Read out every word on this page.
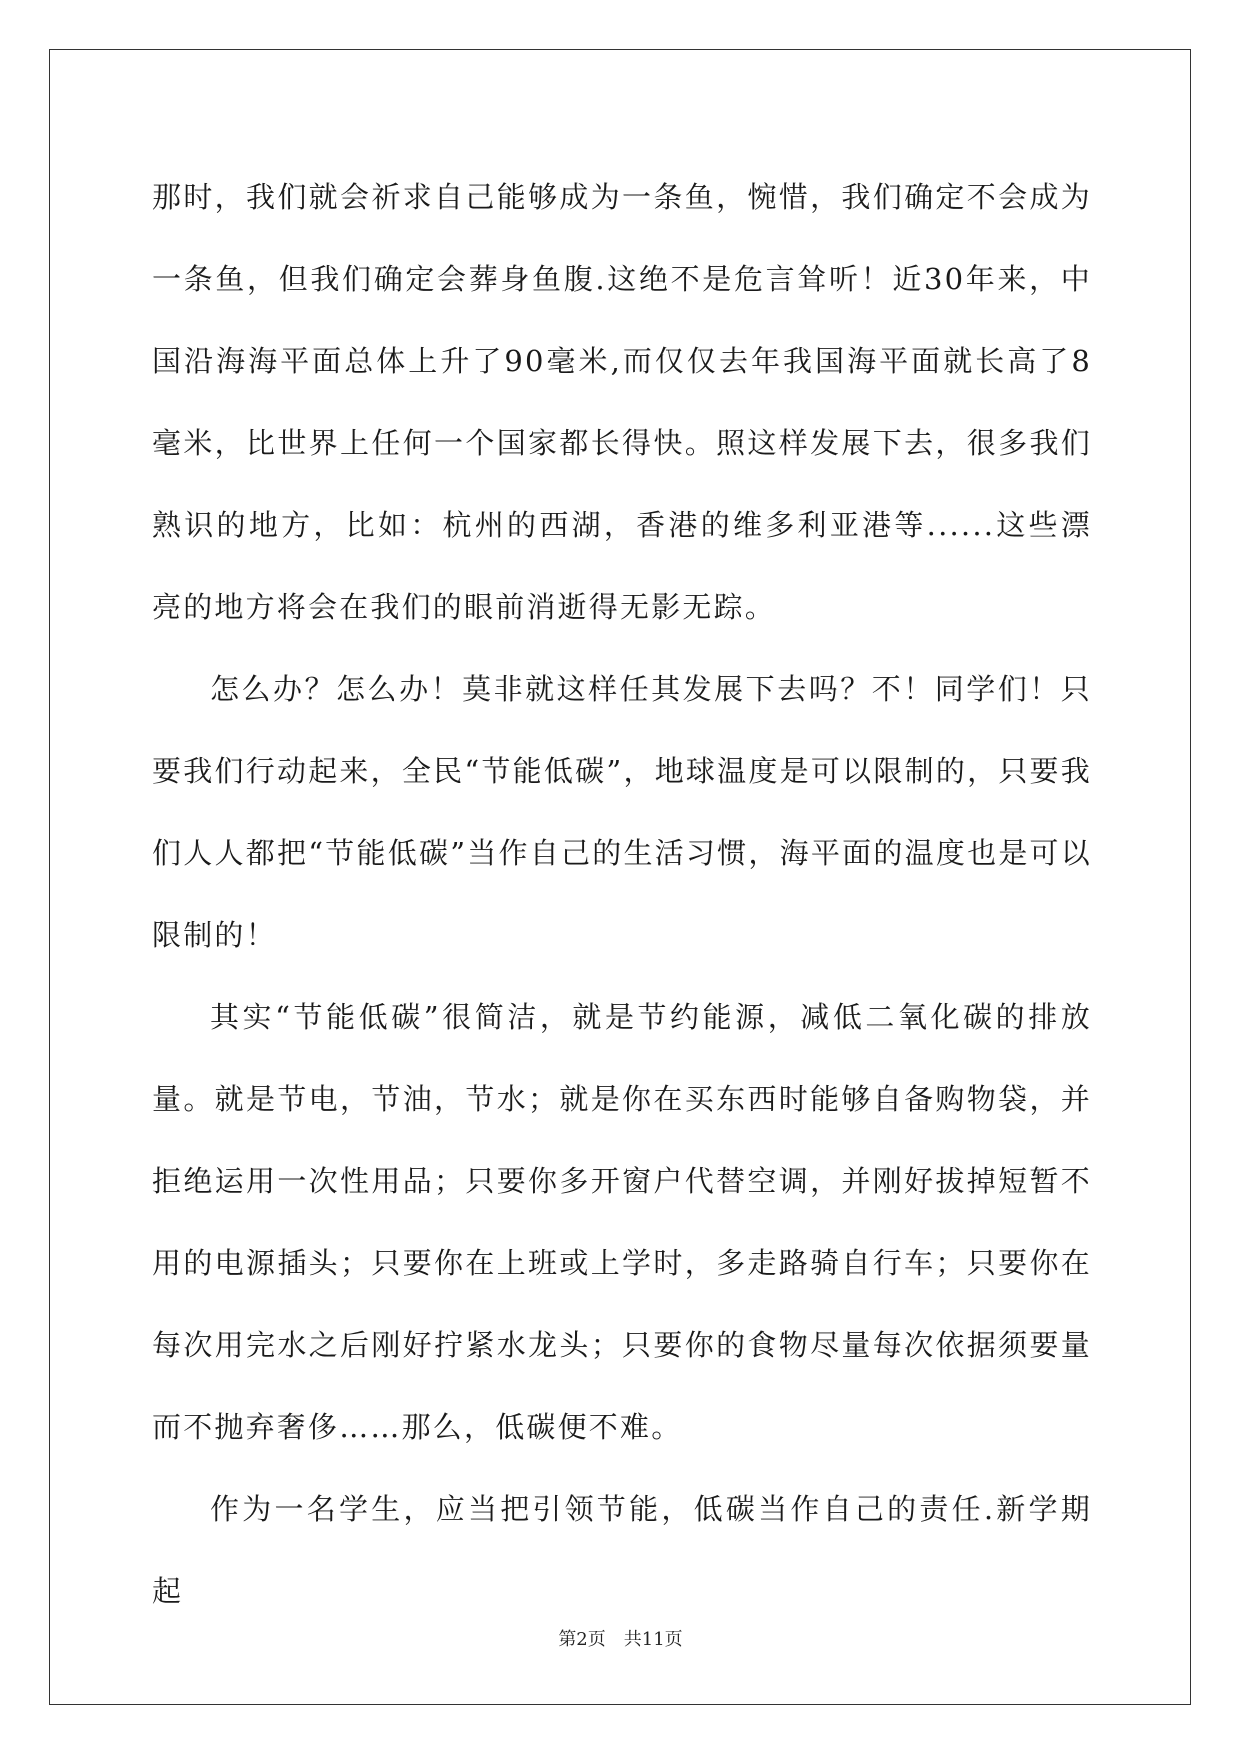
那时，我们就会祈求自己能够成为一条鱼，惋惜，我们确定不会成为一条鱼，但我们确定会葬身鱼腹.这绝不是危言耸听！近30年来，中国沿海海平面总体上升了90毫米,而仅仅去年我国海平面就长高了8毫米，比世界上任何一个国家都长得快。照这样发展下去，很多我们熟识的地方，比如：杭州的西湖，香港的维多利亚港等......这些漂亮的地方将会在我们的眼前消逝得无影无踪。

怎么办？怎么办！莫非就这样任其发展下去吗？不！同学们！只要我们行动起来，全民“节能低碳”，地球温度是可以限制的，只要我们人人都把“节能低碳”当作自己的生活习惯，海平面的温度也是可以限制的！

其实“节能低碳”很简洁，就是节约能源，减低二氧化碳的排放量。就是节电，节油，节水；就是你在买东西时能够自备购物袋，并拒绝运用一次性用品；只要你多开窗户代替空调，并刚好拔掉短暂不用的电源插头；只要你在上班或上学时，多走路骑自行车；只要你在每次用完水之后刚好拧紧水龙头；只要你的食物尽量每次依据须要量而不抛弃奢侈……那么，低碳便不难。

作为一名学生，应当把引领节能，低碳当作自己的责任.新学期起

第2页 共11页
